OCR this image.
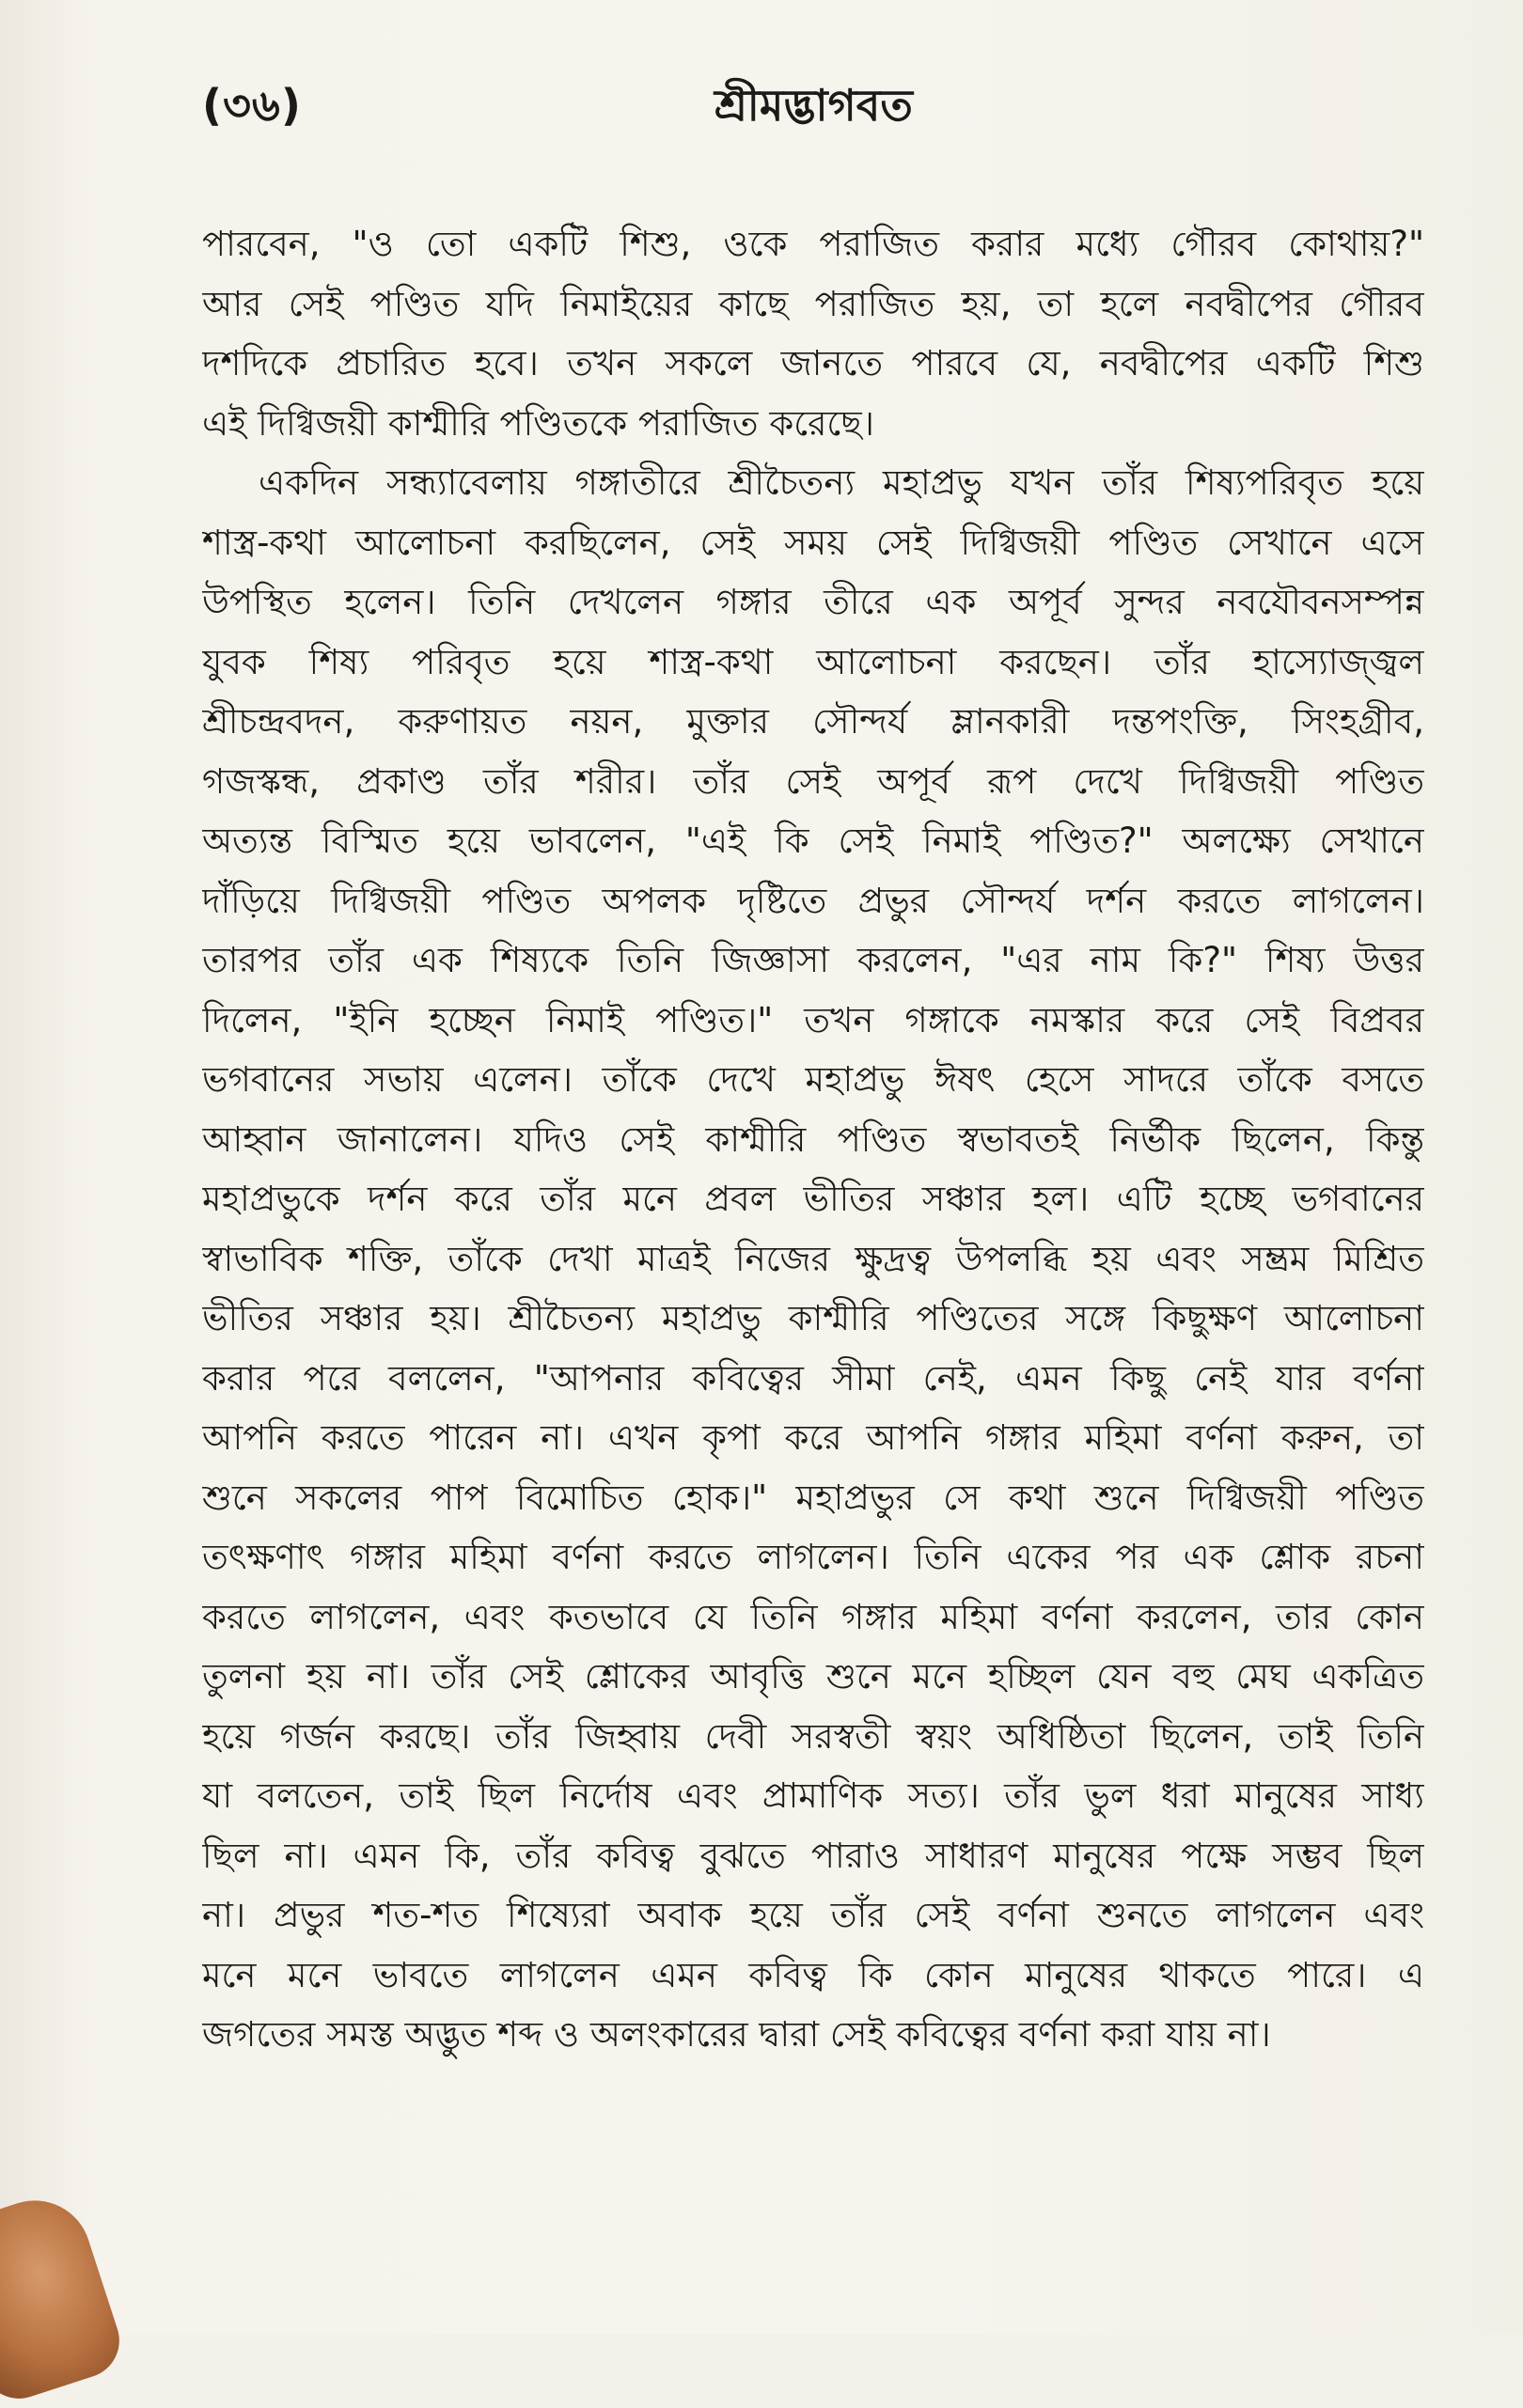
(৩৬)	শ্রীমদ্ভাগবত
পারবেন, "ও তো একটি শিশু, ওকে পরাজিত করার মধ্যে গৌরব কোথায়?"
আর সেই পণ্ডিত যদি নিমাইয়ের কাছে পরাজিত হয়, তা হলে নবদ্বীপের গৌরব
দশদিকে প্রচারিত হবে। তখন সকলে জানতে পারবে যে, নবদ্বীপের একটি শিশু
এই দিগ্বিজয়ী কাশ্মীরি পণ্ডিতকে পরাজিত করেছে।
একদিন সন্ধ্যাবেলায় গঙ্গাতীরে শ্রীচৈতন্য মহাপ্রভু যখন তাঁর শিষ্যপরিবৃত হয়ে
শাস্ত্র-কথা আলোচনা করছিলেন, সেই সময় সেই দিগ্বিজয়ী পণ্ডিত সেখানে এসে
উপস্থিত হলেন। তিনি দেখলেন গঙ্গার তীরে এক অপূর্ব সুন্দর নবযৌবনসম্পন্ন
যুবক শিষ্য পরিবৃত হয়ে শাস্ত্র-কথা আলোচনা করছেন। তাঁর হাস্যোজ্জ্বল
শ্রীচন্দ্রবদন, করুণায়ত নয়ন, মুক্তার সৌন্দর্য ম্লানকারী দন্তপংক্তি, সিংহগ্রীব,
গজস্কন্ধ, প্রকাণ্ড তাঁর শরীর। তাঁর সেই অপূর্ব রূপ দেখে দিগ্বিজয়ী পণ্ডিত
অত্যন্ত বিস্মিত হয়ে ভাবলেন, "এই কি সেই নিমাই পণ্ডিত?" অলক্ষ্যে সেখানে
দাঁড়িয়ে দিগ্বিজয়ী পণ্ডিত অপলক দৃষ্টিতে প্রভুর সৌন্দর্য দর্শন করতে লাগলেন।
তারপর তাঁর এক শিষ্যকে তিনি জিজ্ঞাসা করলেন, "এর নাম কি?" শিষ্য উত্তর
দিলেন, "ইনি হচ্ছেন নিমাই পণ্ডিত।" তখন গঙ্গাকে নমস্কার করে সেই বিপ্রবর
ভগবানের সভায় এলেন। তাঁকে দেখে মহাপ্রভু ঈষৎ হেসে সাদরে তাঁকে বসতে
আহ্বান জানালেন। যদিও সেই কাশ্মীরি পণ্ডিত স্বভাবতই নির্ভীক ছিলেন, কিন্তু
মহাপ্রভুকে দর্শন করে তাঁর মনে প্রবল ভীতির সঞ্চার হল। এটি হচ্ছে ভগবানের
স্বাভাবিক শক্তি, তাঁকে দেখা মাত্রই নিজের ক্ষুদ্রত্ব উপলব্ধি হয় এবং সম্ভ্রম মিশ্রিত
ভীতির সঞ্চার হয়। শ্রীচৈতন্য মহাপ্রভু কাশ্মীরি পণ্ডিতের সঙ্গে কিছুক্ষণ আলোচনা
করার পরে বললেন, "আপনার কবিত্বের সীমা নেই, এমন কিছু নেই যার বর্ণনা
আপনি করতে পারেন না। এখন কৃপা করে আপনি গঙ্গার মহিমা বর্ণনা করুন, তা
শুনে সকলের পাপ বিমোচিত হোক।" মহাপ্রভুর সে কথা শুনে দিগ্বিজয়ী পণ্ডিত
তৎক্ষণাৎ গঙ্গার মহিমা বর্ণনা করতে লাগলেন। তিনি একের পর এক শ্লোক রচনা
করতে লাগলেন, এবং কতভাবে যে তিনি গঙ্গার মহিমা বর্ণনা করলেন, তার কোন
তুলনা হয় না। তাঁর সেই শ্লোকের আবৃত্তি শুনে মনে হচ্ছিল যেন বহু মেঘ একত্রিত
হয়ে গর্জন করছে। তাঁর জিহ্বায় দেবী সরস্বতী স্বয়ং অধিষ্ঠিতা ছিলেন, তাই তিনি
যা বলতেন, তাই ছিল নির্দোষ এবং প্রামাণিক সত্য। তাঁর ভুল ধরা মানুষের সাধ্য
ছিল না। এমন কি, তাঁর কবিত্ব বুঝতে পারাও সাধারণ মানুষের পক্ষে সম্ভব ছিল
না। প্রভুর শত-শত শিষ্যেরা অবাক হয়ে তাঁর সেই বর্ণনা শুনতে লাগলেন এবং
মনে মনে ভাবতে লাগলেন এমন কবিত্ব কি কোন মানুষের থাকতে পারে। এ
জগতের সমস্ত অদ্ভুত শব্দ ও অলংকারের দ্বারা সেই কবিত্বের বর্ণনা করা যায় না।
